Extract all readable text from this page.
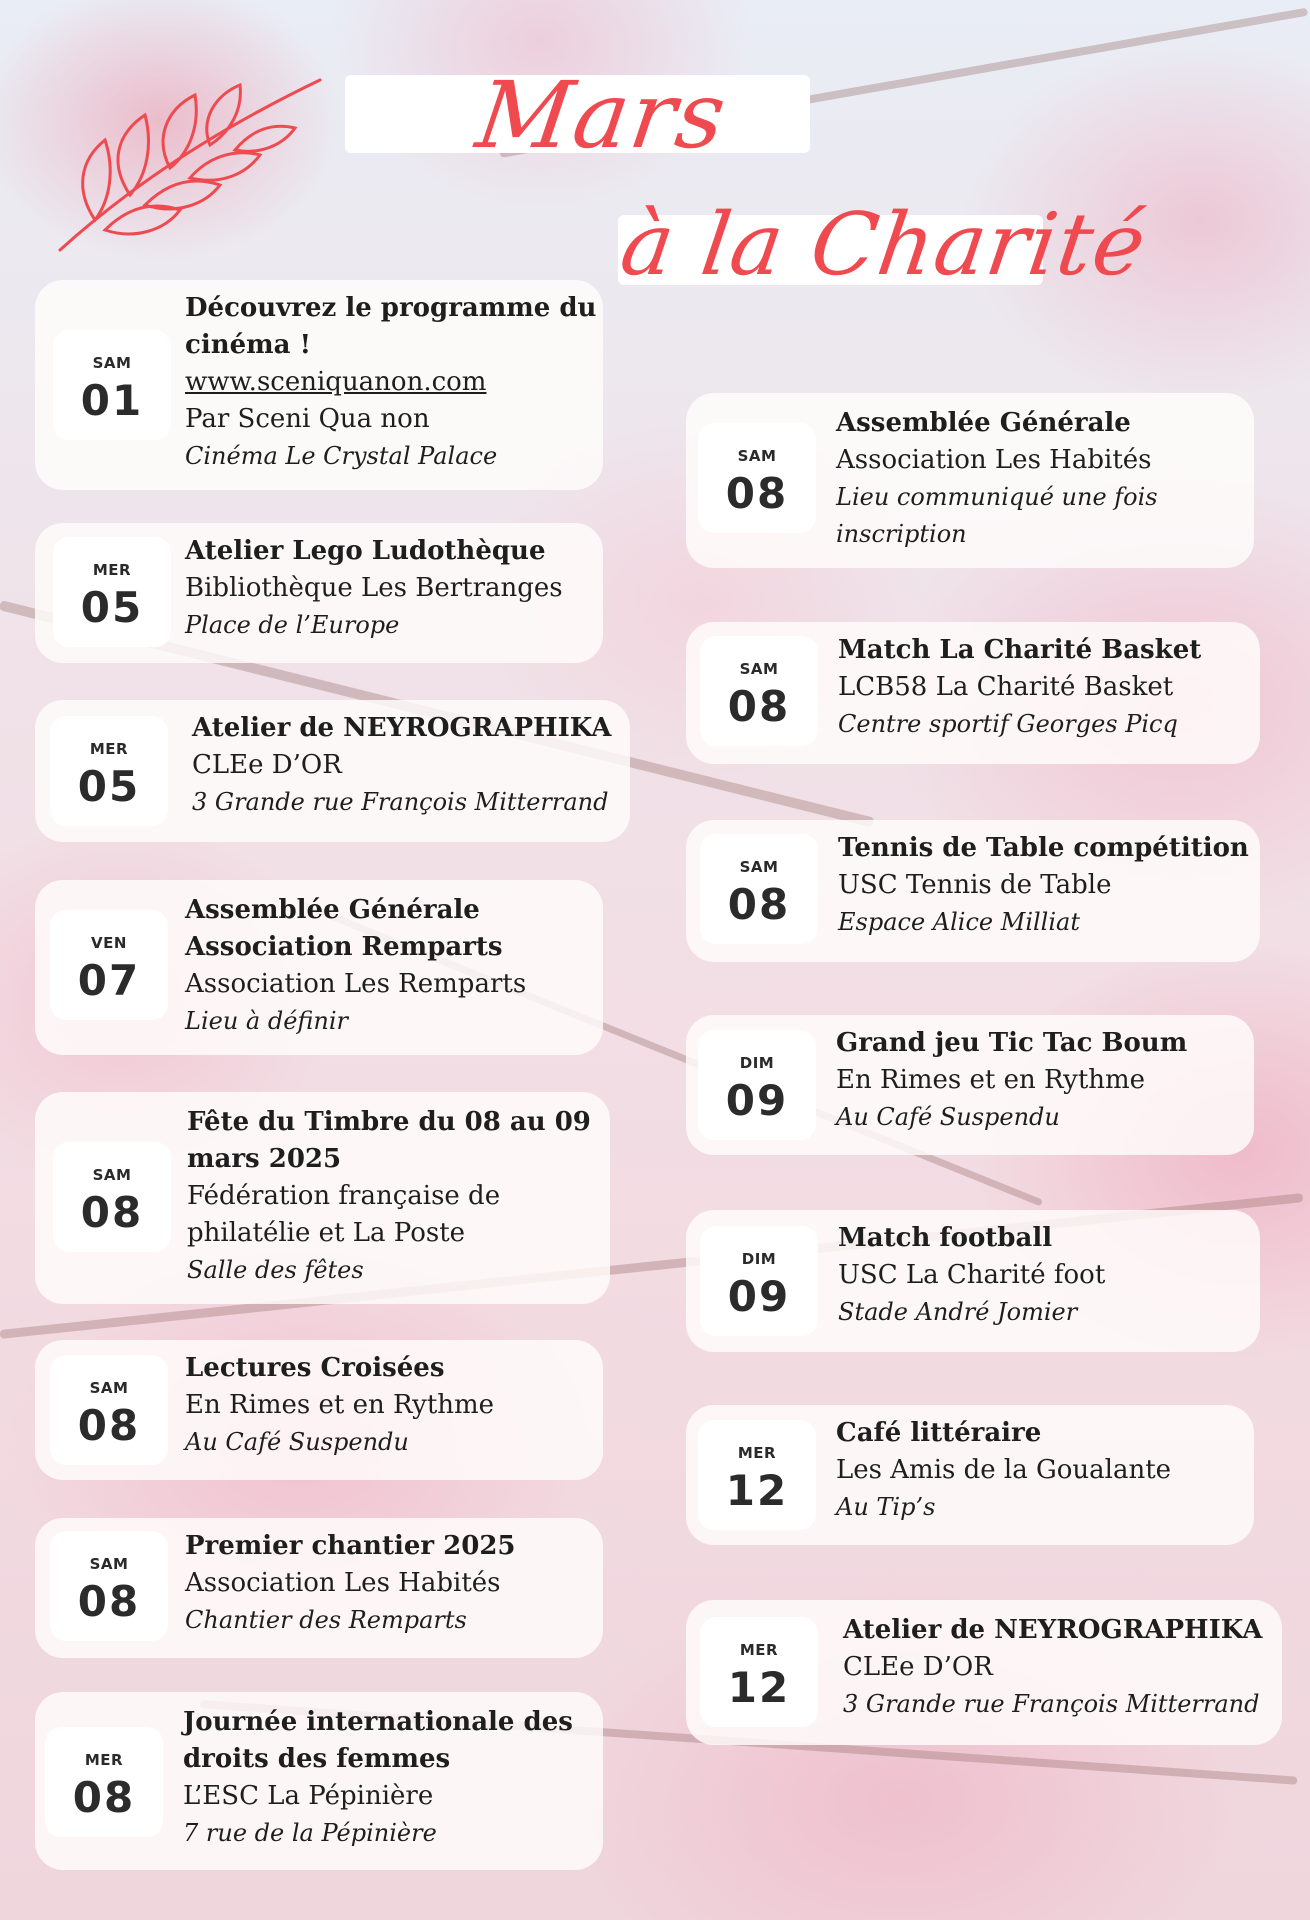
Mars
à la Charité
SAM
01
Découvrez le programme du
cinéma !
www.sceniquanon.com
Par Sceni Qua non
Cinéma Le Crystal Palace
MER
05
Atelier Lego Ludothèque
Bibliothèque Les Bertranges
Place de l’Europe
MER
05
Atelier de NEYROGRAPHIKA
CLEe D’OR
3 Grande rue François Mitterrand
VEN
07
Assemblée Générale
Association Remparts
Association Les Remparts
Lieu à définir
SAM
08
Fête du Timbre du 08 au 09
mars 2025
Fédération française de
philatélie et La Poste
Salle des fêtes
SAM
08
Lectures Croisées
En Rimes et en Rythme
Au Café Suspendu
SAM
08
Premier chantier 2025
Association Les Habités
Chantier des Remparts
MER
08
Journée internationale des
droits des femmes
L’ESC La Pépinière
7 rue de la Pépinière
SAM
08
Assemblée Générale
Association Les Habités
Lieu communiqué une fois
inscription
SAM
08
Match La Charité Basket
LCB58 La Charité Basket
Centre sportif Georges Picq
SAM
08
Tennis de Table compétition
USC Tennis de Table
Espace Alice Milliat
DIM
09
Grand jeu Tic Tac Boum
En Rimes et en Rythme
Au Café Suspendu
DIM
09
Match football
USC La Charité foot
Stade André Jomier
MER
12
Café littéraire
Les Amis de la Goualante
Au Tip’s
MER
12
Atelier de NEYROGRAPHIKA
CLEe D’OR
3 Grande rue François Mitterrand
